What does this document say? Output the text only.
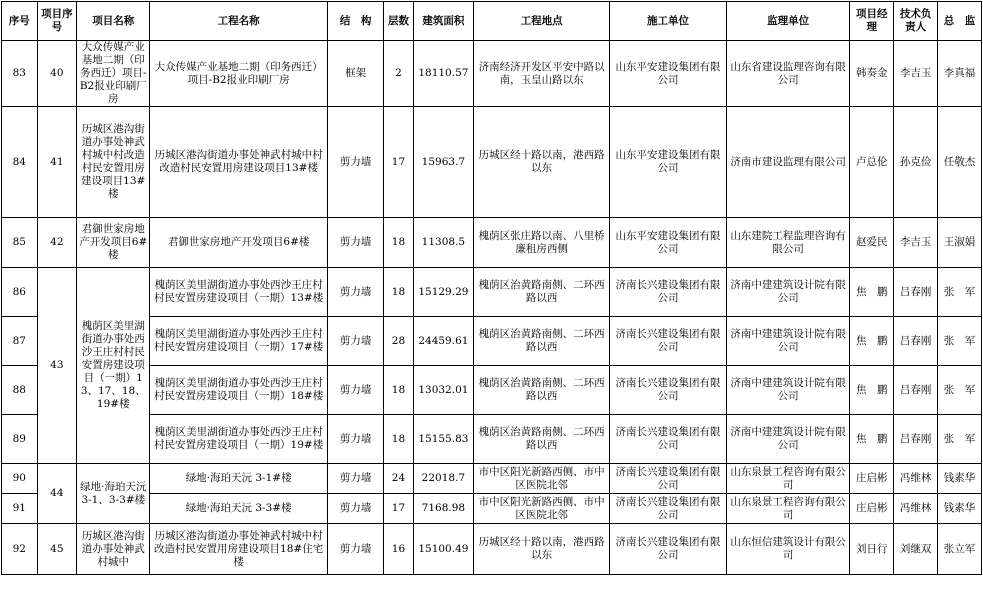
序号	项目序号	项目名称	工程名称	结　构	层数	建筑面积	工程地点	施工单位	监理单位	项目经理	技术负责人	总　监
83	40	大众传媒产业基地二期（印务西迁）项目-B2报业印刷厂房	大众传媒产业基地二期（印务西迁）项目-B2报业印刷厂房	框架	2	18110.57	济南经济开发区平安中路以南，玉皇山路以东	山东平安建设集团有限公司	山东省建设监理咨询有限公司	韩奏金	李吉玉	李真福
84	41	历城区港沟街道办事处神武村城中村改造村民安置用房建设项目13#楼	历城区港沟街道办事处神武村城中村改造村民安置用房建设项目13#楼	剪力墙	17	15963.7	历城区经十路以南，港西路以东	山东平安建设集团有限公司	济南市建设监理有限公司	卢总伦	孙克俭	任敬杰
85	42	君御世家房地产开发项目6#楼	君御世家房地产开发项目6#楼	剪力墙	18	11308.5	槐荫区张庄路以南、八里桥廉租房西侧	山东平安建设集团有限公司	山东建院工程监理咨询有限公司	赵爱民	李吉玉	王淑娟
86	43	槐荫区美里湖街道办事处西沙王庄村村民安置房建设项目（一期）13、17、18、19#楼	槐荫区美里湖街道办事处西沙王庄村村民安置房建设项目（一期）13#楼	剪力墙	18	15129.29	槐荫区治黄路南侧、二环西路以西	济南长兴建设集团有限公司	济南中建建筑设计院有限公司	焦　鹏	吕春刚	张　军
87			槐荫区美里湖街道办事处西沙王庄村村民安置房建设项目（一期）17#楼	剪力墙	28	24459.61	槐荫区治黄路南侧、二环西路以西	济南长兴建设集团有限公司	济南中建建筑设计院有限公司	焦　鹏	吕春刚	张　军
88			槐荫区美里湖街道办事处西沙王庄村村民安置房建设项目（一期）18#楼	剪力墙	18	13032.01	槐荫区治黄路南侧、二环西路以西	济南长兴建设集团有限公司	济南中建建筑设计院有限公司	焦　鹏	吕春刚	张　军
89			槐荫区美里湖街道办事处西沙王庄村村民安置房建设项目（一期）19#楼	剪力墙	18	15155.83	槐荫区治黄路南侧、二环西路以西	济南长兴建设集团有限公司	济南中建建筑设计院有限公司	焦　鹏	吕春刚	张　军
90	44	绿地·海珀天沅 3-1、3-3#楼	绿地·海珀天沅 3-1#楼	剪力墙	24	22018.7	市中区阳光新路西侧、市中区医院北邻	济南长兴建设集团有限公司	山东泉景工程咨询有限公司	庄启彬	冯维林	钱素华
91			绿地·海珀天沅 3-3#楼	剪力墙	17	7168.98	市中区阳光新路西侧、市中区医院北邻	济南长兴建设集团有限公司	山东泉景工程咨询有限公司	庄启彬	冯维林	钱素华
92	45	历城区港沟街道办事处神武村城中	历城区港沟街道办事处神武村城中村改造村民安置用房建设项目18#住宅楼	剪力墙	16	15100.49	历城区经十路以南，港西路以东	济南长兴建设集团有限公司	山东恒信建筑设计有限公司	刘日行	刘继双	张立军
